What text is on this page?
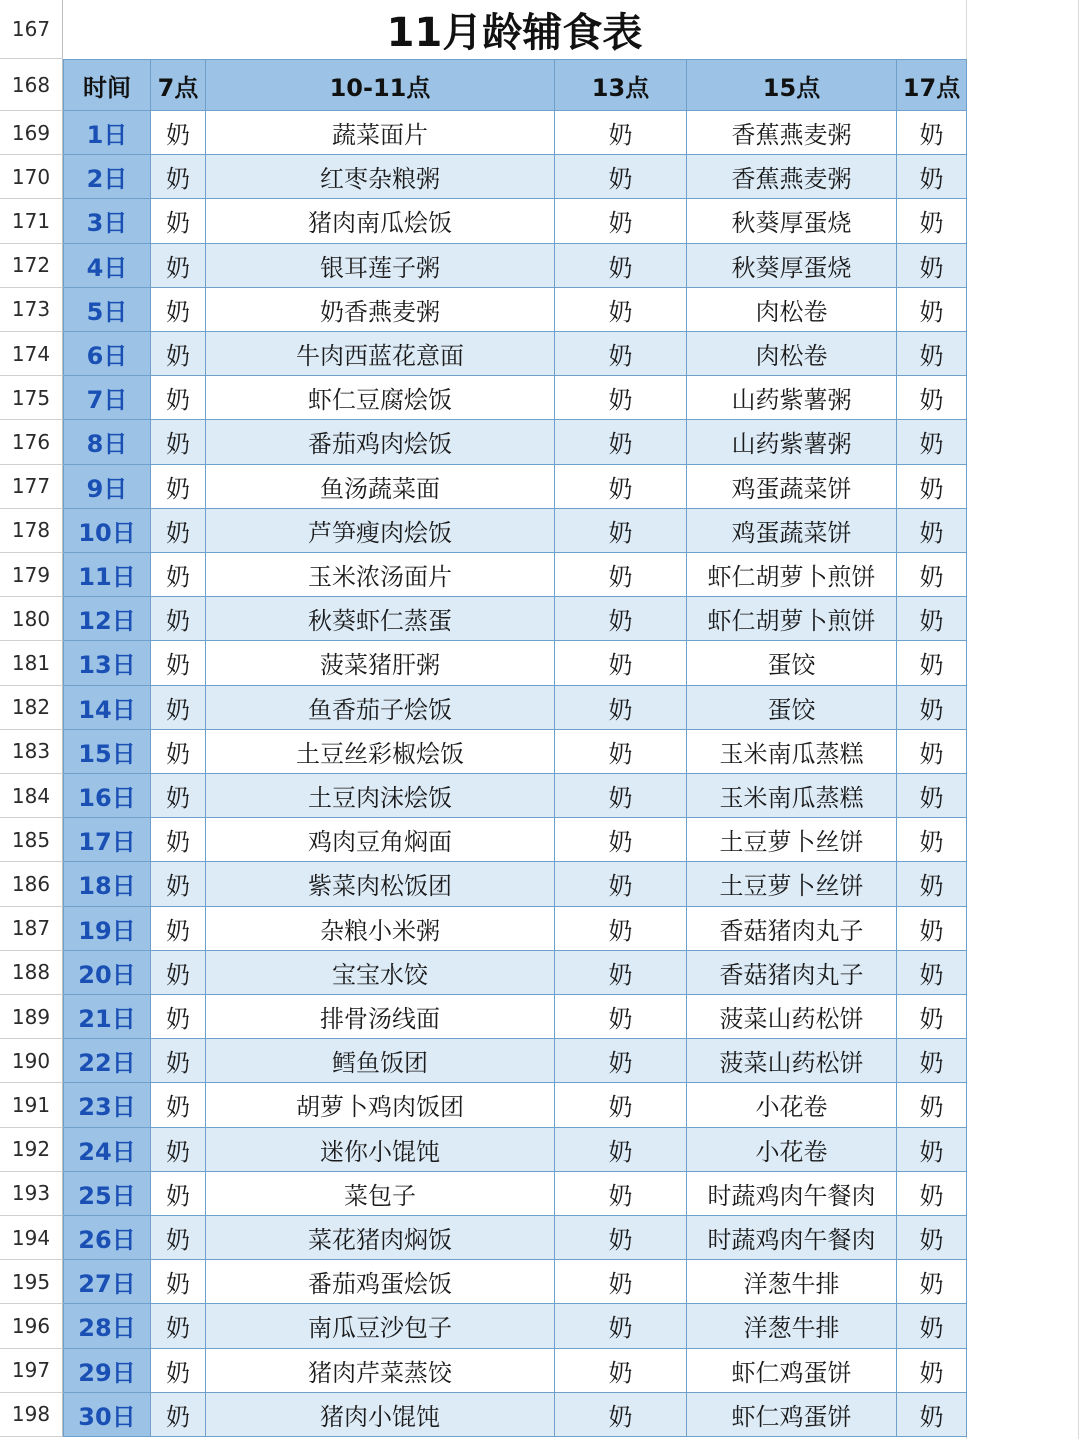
167	11月龄辅食表
168	时间	7点	10-11点	13点	15点	17点
169	1日	奶	蔬菜面片	奶	香蕉燕麦粥	奶
170	2日	奶	红枣杂粮粥	奶	香蕉燕麦粥	奶
171	3日	奶	猪肉南瓜烩饭	奶	秋葵厚蛋烧	奶
172	4日	奶	银耳莲子粥	奶	秋葵厚蛋烧	奶
173	5日	奶	奶香燕麦粥	奶	肉松卷	奶
174	6日	奶	牛肉西蓝花意面	奶	肉松卷	奶
175	7日	奶	虾仁豆腐烩饭	奶	山药紫薯粥	奶
176	8日	奶	番茄鸡肉烩饭	奶	山药紫薯粥	奶
177	9日	奶	鱼汤蔬菜面	奶	鸡蛋蔬菜饼	奶
178	10日	奶	芦笋瘦肉烩饭	奶	鸡蛋蔬菜饼	奶
179	11日	奶	玉米浓汤面片	奶	虾仁胡萝卜煎饼	奶
180	12日	奶	秋葵虾仁蒸蛋	奶	虾仁胡萝卜煎饼	奶
181	13日	奶	菠菜猪肝粥	奶	蛋饺	奶
182	14日	奶	鱼香茄子烩饭	奶	蛋饺	奶
183	15日	奶	土豆丝彩椒烩饭	奶	玉米南瓜蒸糕	奶
184	16日	奶	土豆肉沫烩饭	奶	玉米南瓜蒸糕	奶
185	17日	奶	鸡肉豆角焖面	奶	土豆萝卜丝饼	奶
186	18日	奶	紫菜肉松饭团	奶	土豆萝卜丝饼	奶
187	19日	奶	杂粮小米粥	奶	香菇猪肉丸子	奶
188	20日	奶	宝宝水饺	奶	香菇猪肉丸子	奶
189	21日	奶	排骨汤线面	奶	菠菜山药松饼	奶
190	22日	奶	鳕鱼饭团	奶	菠菜山药松饼	奶
191	23日	奶	胡萝卜鸡肉饭团	奶	小花卷	奶
192	24日	奶	迷你小馄饨	奶	小花卷	奶
193	25日	奶	菜包子	奶	时蔬鸡肉午餐肉	奶
194	26日	奶	菜花猪肉焖饭	奶	时蔬鸡肉午餐肉	奶
195	27日	奶	番茄鸡蛋烩饭	奶	洋葱牛排	奶
196	28日	奶	南瓜豆沙包子	奶	洋葱牛排	奶
197	29日	奶	猪肉芹菜蒸饺	奶	虾仁鸡蛋饼	奶
198	30日	奶	猪肉小馄饨	奶	虾仁鸡蛋饼	奶
